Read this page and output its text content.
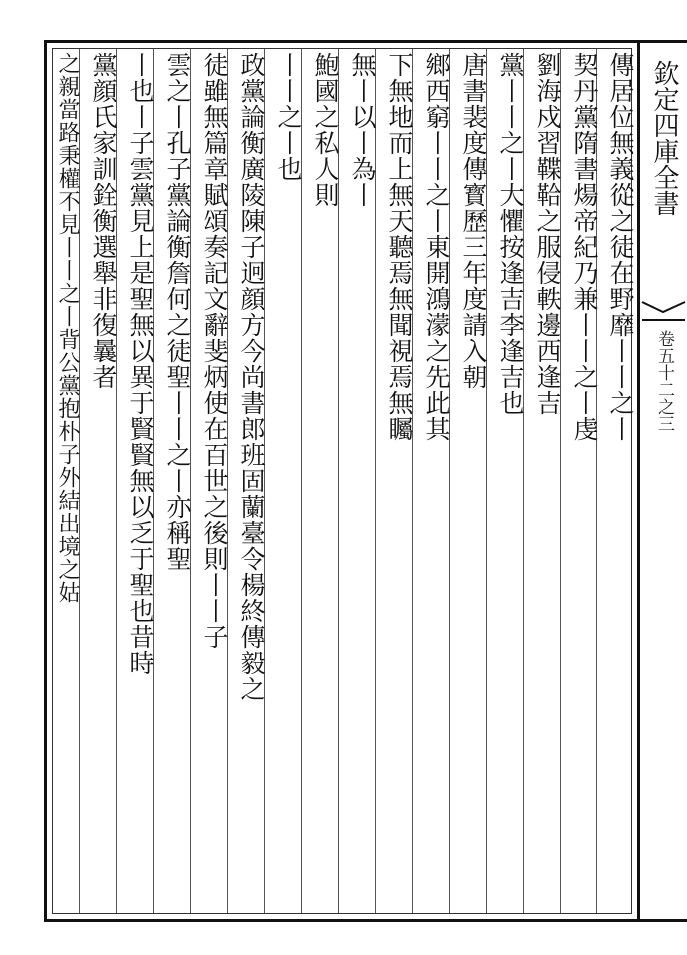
欽定四庫全書
卷五十二之三
傳居位無義從之徒在野靡丨丨之丨
契丹黨隋書煬帝紀乃兼丨丨之丨虔
劉海戍習鞢鞈之服侵軼邊西逢吉
黨丨丨之丨大懼按逢吉李逢吉也
唐書裴度傳寳歷三年度請入朝
鄉西窮丨丨之丨東開鴻濛之先此其
下無地而上無天聽焉無聞視焉無矚
無丨以丨為丨
鮑國之私人則
丨丨之丨也
政黨論衡廣陵陳子迥顔方今尚書郎班固蘭臺令楊終傳毅之
徒雖無篇章賦頌奏記文辭斐炳使在百世之後則丨丨子
雲之丨孔子黨論衡詹何之徒聖丨丨之丨亦稱聖
丨也丨子雲黨見上是聖無以異于賢賢無以乏于聖也昔時
黨顔氏家訓銓衡選舉非復曩者
之親當路秉權不見丨丨之丨背公黨抱朴子外結出境之姑
